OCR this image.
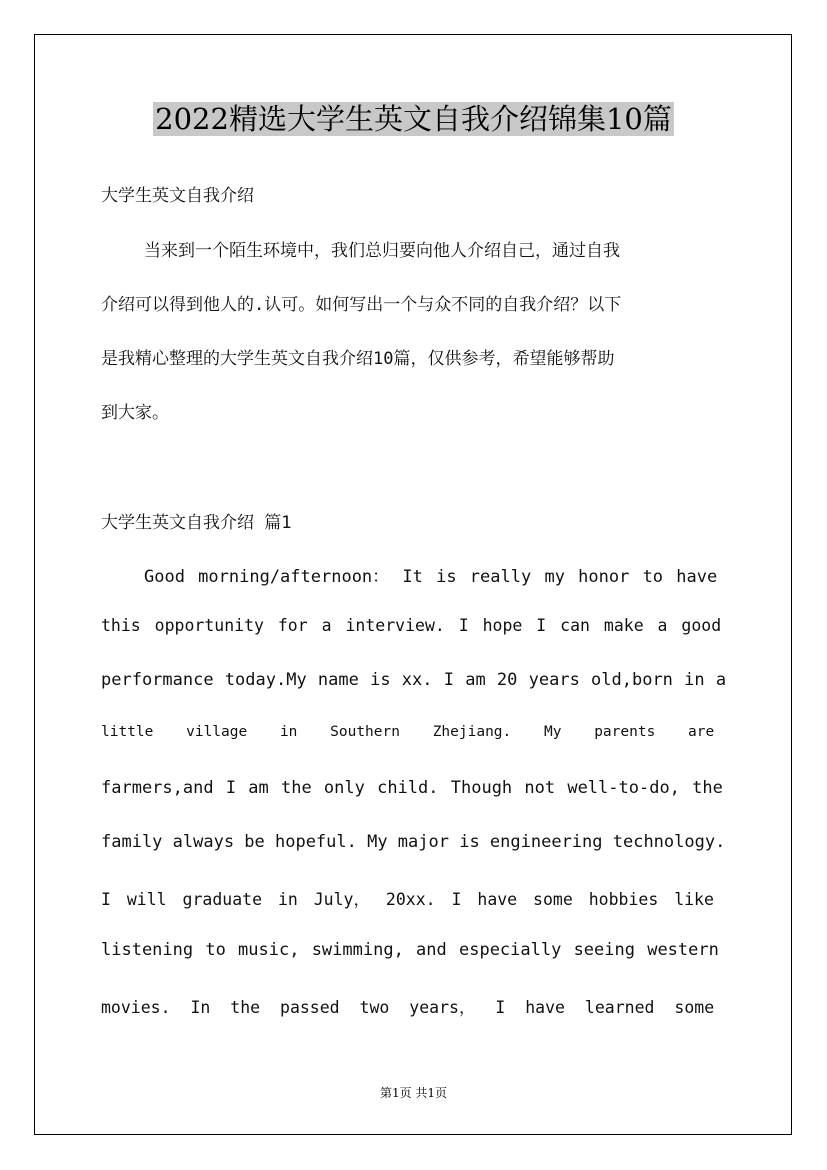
2022精选大学生英文自我介绍锦集10篇
大学生英文自我介绍
当来到一个陌生环境中，我们总归要向他人介绍自己，通过自我
介绍可以得到他人的.认可。如何写出一个与众不同的自我介绍？以下
是我精心整理的大学生英文自我介绍10篇，仅供参考，希望能够帮助
到大家。
大学生英文自我介绍 篇1
Good morning/afternoon： It is really my honor to have
this opportunity for a interview. I hope I can make a good
performance today.My name is xx. I am 20 years old,born in a
little village in Southern Zhejiang. My parents are
farmers,and I am the only child. Though not well-to-do, the
family always be hopeful. My major is engineering technology.
I will graduate in July， 20xx. I have some hobbies like
listening to music, swimming, and especially seeing western
movies. In the passed two years， I have learned some
第1页 共1页
